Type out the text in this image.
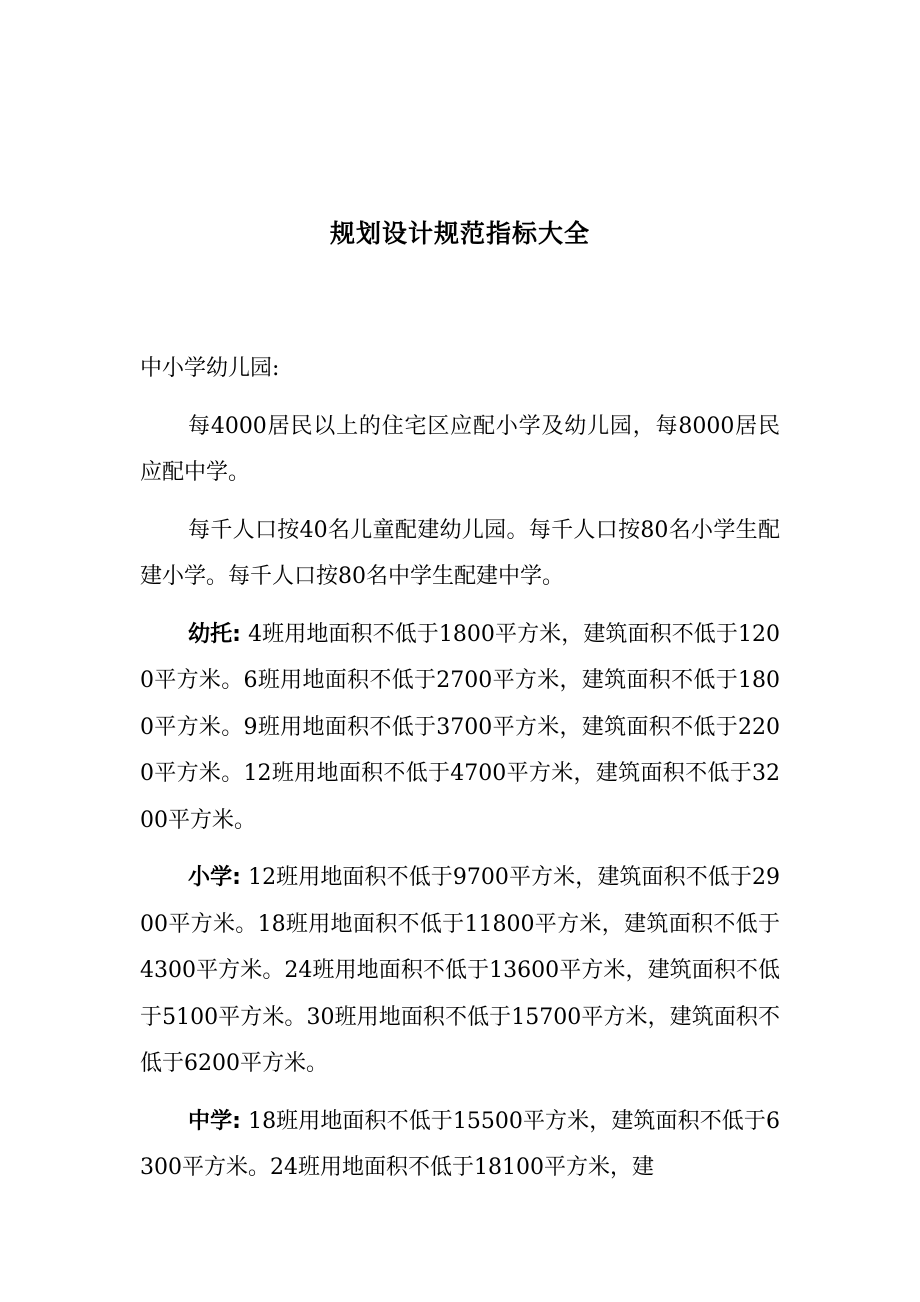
规划设计规范指标大全

中小学幼儿园:

每4000居民以上的住宅区应配小学及幼儿园，每8000居民应配中学。

每千人口按40名儿童配建幼儿园。每千人口按80名小学生配建小学。每千人口按80名中学生配建中学。

幼托: 4班用地面积不低于1800平方米，建筑面积不低于1200平方米。6班用地面积不低于2700平方米，建筑面积不低于1800平方米。9班用地面积不低于3700平方米，建筑面积不低于2200平方米。12班用地面积不低于4700平方米，建筑面积不低于3200平方米。

小学: 12班用地面积不低于9700平方米，建筑面积不低于2900平方米。18班用地面积不低于11800平方米，建筑面积不低于4300平方米。24班用地面积不低于13600平方米，建筑面积不低于5100平方米。30班用地面积不低于15700平方米，建筑面积不低于6200平方米。

中学: 18班用地面积不低于15500平方米，建筑面积不低于6300平方米。24班用地面积不低于18100平方米，建
